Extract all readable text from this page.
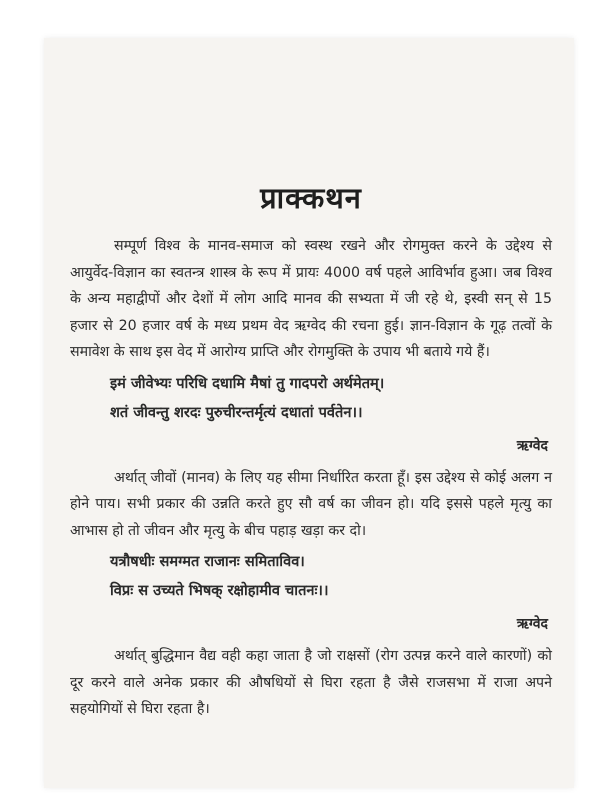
प्राक्कथन

सम्पूर्ण विश्व के मानव-समाज को स्वस्थ रखने और रोगमुक्त करने के उद्देश्य से आयुर्वेद-विज्ञान का स्वतन्त्र शास्त्र के रूप में प्रायः 4000 वर्ष पहले आविर्भाव हुआ। जब विश्व के अन्य महाद्वीपों और देशों में लोग आदि मानव की सभ्यता में जी रहे थे, इस्वी सन् से 15 हजार से 20 हजार वर्ष के मध्य प्रथम वेद ऋग्वेद की रचना हुई। ज्ञान-विज्ञान के गूढ़ तत्वों के समावेश के साथ इस वेद में आरोग्य प्राप्ति और रोगमुक्ति के उपाय भी बताये गये हैं।

इमं जीवेभ्यः परिधि दधामि मैषां तु गादपरो अर्थमेतम्।
शतं जीवन्तु शरदः पुरुचीरन्तर्मृत्यं दधातां पर्वतेन।।
ऋग्वेद

अर्थात् जीवों (मानव) के लिए यह सीमा निर्धारित करता हूँ। इस उद्देश्य से कोई अलग न होने पाय। सभी प्रकार की उन्नति करते हुए सौ वर्ष का जीवन हो। यदि इससे पहले मृत्यु का आभास हो तो जीवन और मृत्यु के बीच पहाड़ खड़ा कर दो।

यत्रौषधीः समग्मत राजानः समिताविव।
विप्रः स उच्यते भिषक् रक्षोहामीव चातनः।।
ऋग्वेद

अर्थात् बुद्धिमान वैद्य वही कहा जाता है जो राक्षसों (रोग उत्पन्न करने वाले कारणों) को दूर करने वाले अनेक प्रकार की औषधियों से घिरा रहता है जैसे राजसभा में राजा अपने सहयोगियों से घिरा रहता है।
